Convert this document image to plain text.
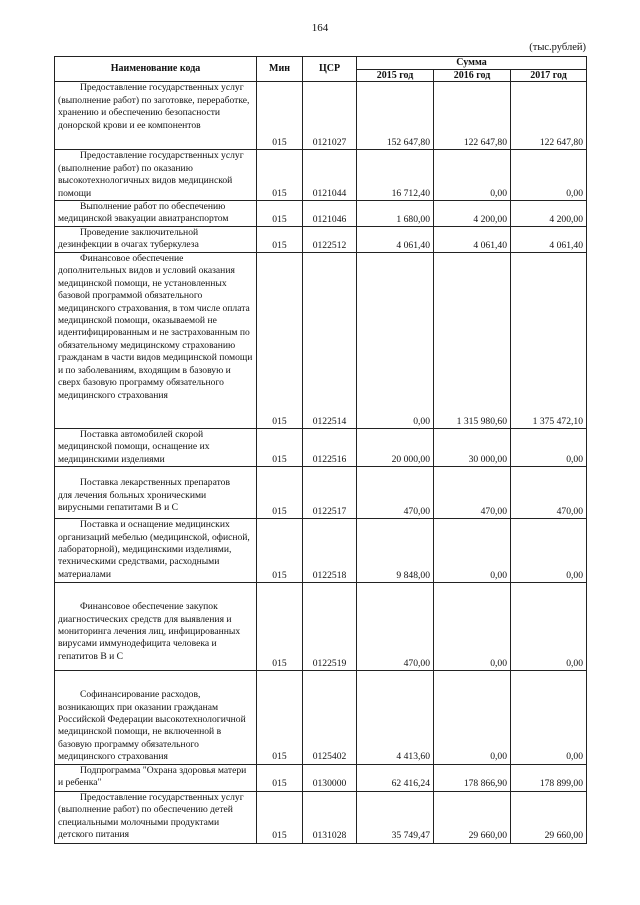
164
(тыс.рублей)
Наименование кода	Мин	ЦСР	Сумма		
			2015 год	2016 год	2017 год

Предоставление государственных услуг
(выполнение работ) по заготовке, переработке, хранению и обеспечению безопасности донорской крови и ее компонентов	015	0121027	152 647,80	122 647,80	122 647,80

Предоставление государственных услуг
(выполнение работ) по оказанию высокотехнологичных видов медицинской помощи	015	0121044	16 712,40	0,00	0,00

Выполнение работ по обеспечению
медицинской эвакуации авиатранспортом	015	0121046	1 680,00	4 200,00	4 200,00

Проведение заключительной
дезинфекции в очагах туберкулеза	015	0122512	4 061,40	4 061,40	4 061,40

Финансовое обеспечение
дополнительных видов и условий оказания медицинской помощи, не установленных базовой программой обязательного медицинского страхования, в том числе оплата медицинской помощи, оказываемой не идентифицированным и не застрахованным по обязательному медицинскому страхованию гражданам в части видов медицинской помощи и по заболеваниям, входящим в базовую и сверх базовую программу обязательного медицинского страхования	015	0122514	0,00	1 315 980,60	1 375 472,10

Поставка автомобилей скорой
медицинской помощи, оснащение их медицинскими изделиями	015	0122516	20 000,00	30 000,00	0,00

Поставка лекарственных препаратов
для лечения больных хроническими вирусными гепатитами В и С	015	0122517	470,00	470,00	470,00

Поставка и оснащение медицинских
организаций мебелью (медицинской, офисной, лабораторной), медицинскими изделиями, техническими средствами, расходными материалами	015	0122518	9 848,00	0,00	0,00

Финансовое обеспечение закупок
диагностических средств для выявления и мониторинга лечения лиц, инфицированных вирусами иммунодефицита человека и гепатитов В и С	015	0122519	470,00	0,00	0,00

Софинансирование расходов,
возникающих при оказании гражданам Российской Федерации высокотехнологичной медицинской помощи, не включенной в базовую программу обязательного медицинского страхования	015	0125402	4 413,60	0,00	0,00

Подпрограмма "Охрана здоровья матери
и ребенка"	015	0130000	62 416,24	178 866,90	178 899,00

Предоставление государственных услуг
(выполнение работ) по обеспечению детей специальными молочными продуктами детского питания	015	0131028	35 749,47	29 660,00	29 660,00
